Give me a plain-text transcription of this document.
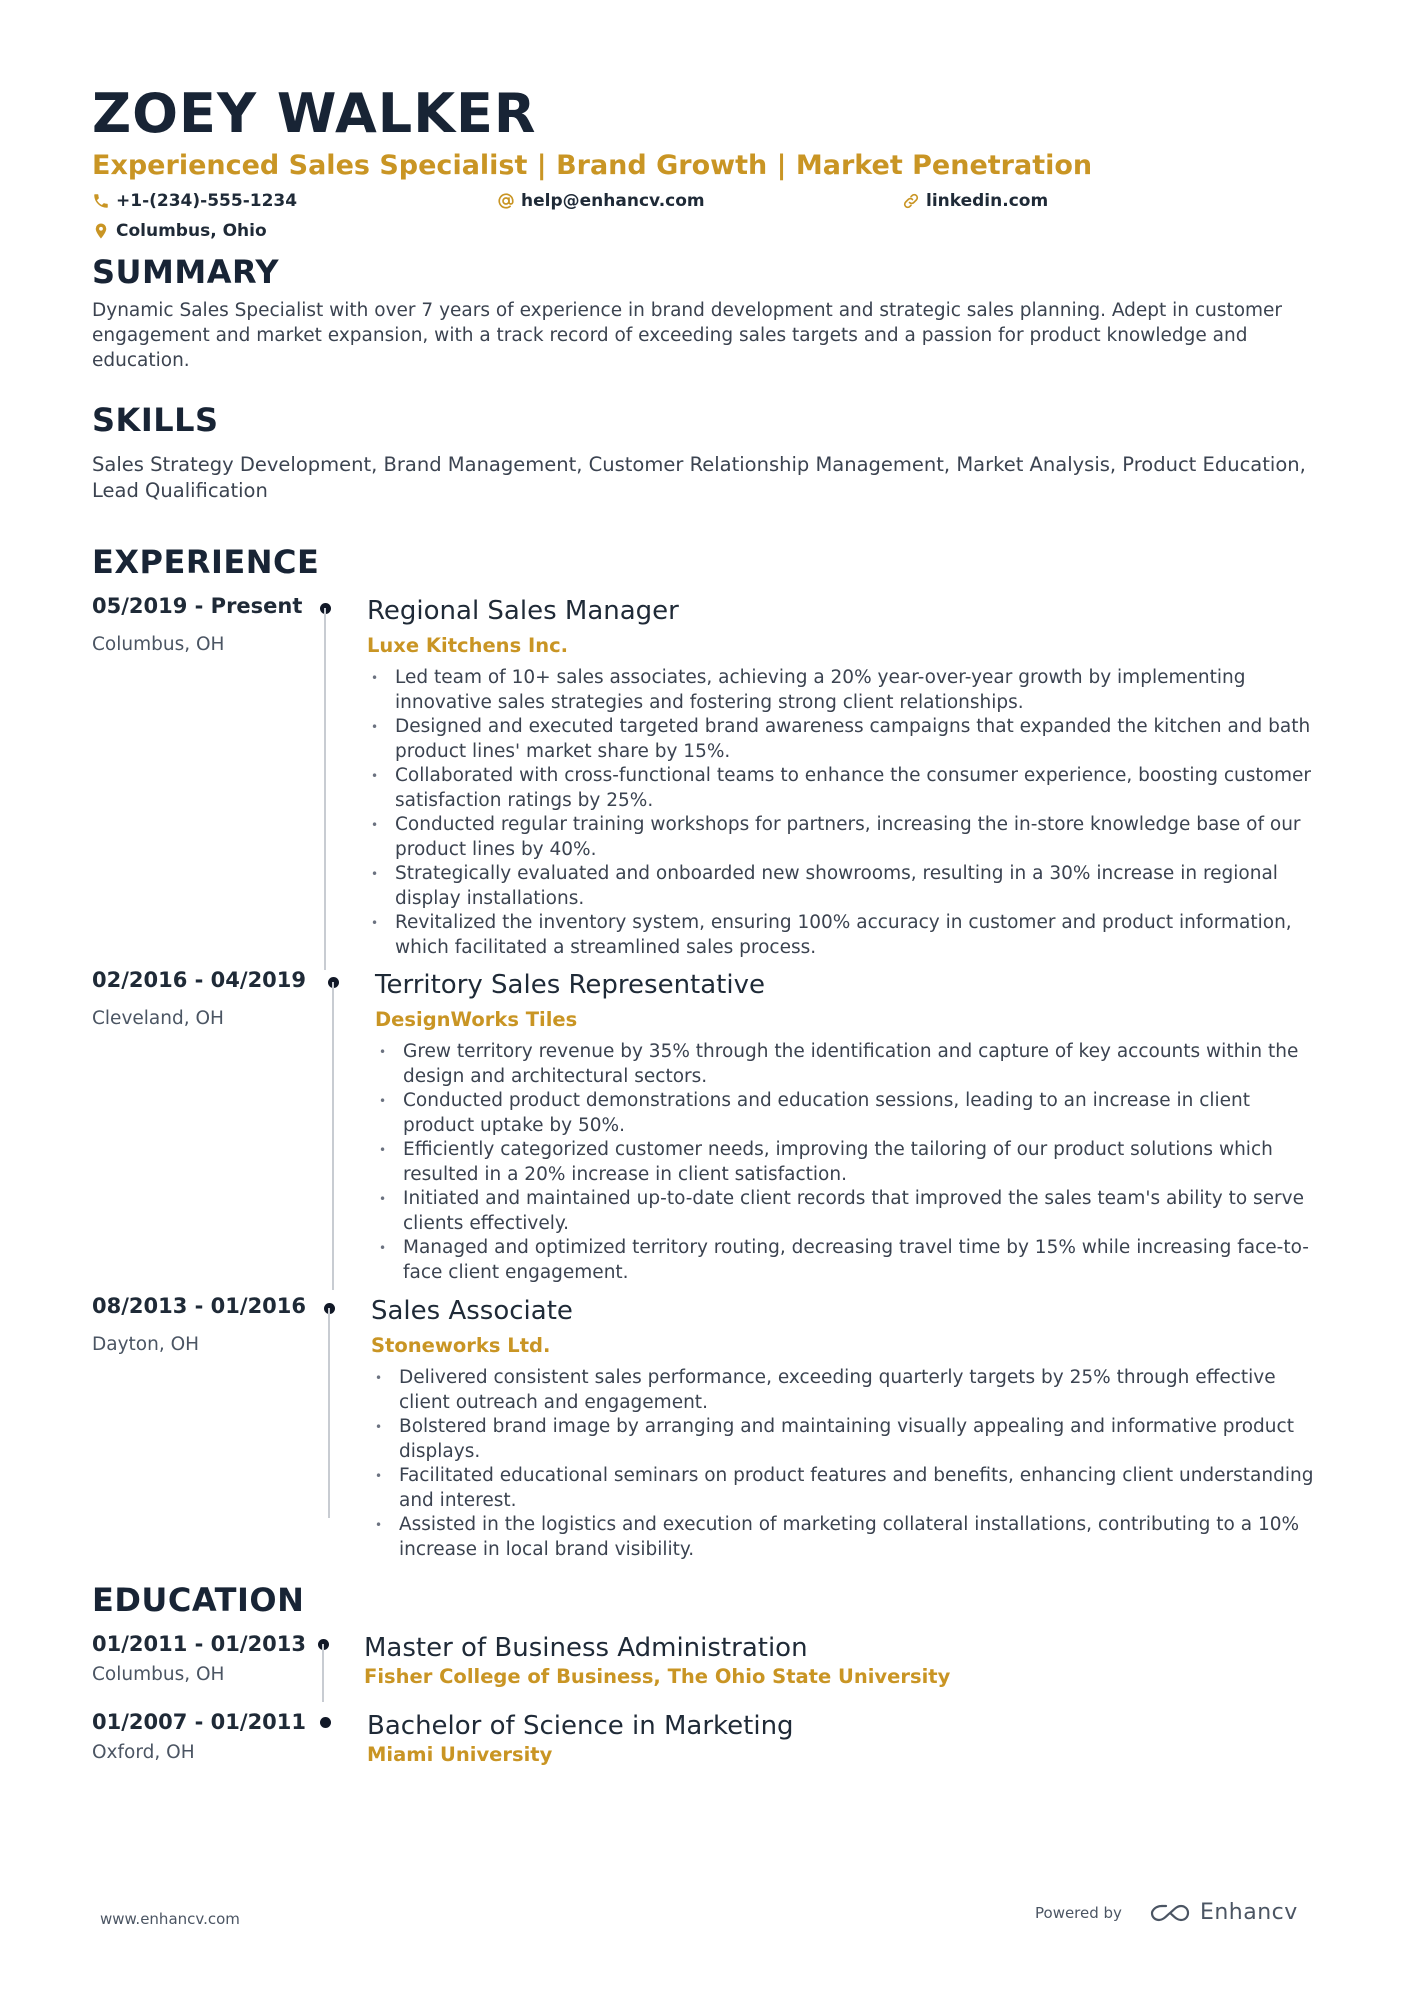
ZOEY WALKER
Experienced Sales Specialist | Brand Growth | Market Penetration
+1-(234)-555-1234	help@enhancv.com	linkedin.com
Columbus, Ohio
SUMMARY
Dynamic Sales Specialist with over 7 years of experience in brand development and strategic sales planning. Adept in customer engagement and market expansion, with a track record of exceeding sales targets and a passion for product knowledge and education.
SKILLS
Sales Strategy Development, Brand Management, Customer Relationship Management, Market Analysis, Product Education, Lead Qualification
EXPERIENCE
05/2019 - Present
Columbus, OH
Regional Sales Manager
Luxe Kitchens Inc.
• Led team of 10+ sales associates, achieving a 20% year-over-year growth by implementing innovative sales strategies and fostering strong client relationships.
• Designed and executed targeted brand awareness campaigns that expanded the kitchen and bath product lines' market share by 15%.
• Collaborated with cross-functional teams to enhance the consumer experience, boosting customer satisfaction ratings by 25%.
• Conducted regular training workshops for partners, increasing the in-store knowledge base of our product lines by 40%.
• Strategically evaluated and onboarded new showrooms, resulting in a 30% increase in regional display installations.
• Revitalized the inventory system, ensuring 100% accuracy in customer and product information, which facilitated a streamlined sales process.
02/2016 - 04/2019
Cleveland, OH
Territory Sales Representative
DesignWorks Tiles
• Grew territory revenue by 35% through the identification and capture of key accounts within the design and architectural sectors.
• Conducted product demonstrations and education sessions, leading to an increase in client product uptake by 50%.
• Efficiently categorized customer needs, improving the tailoring of our product solutions which resulted in a 20% increase in client satisfaction.
• Initiated and maintained up-to-date client records that improved the sales team's ability to serve clients effectively.
• Managed and optimized territory routing, decreasing travel time by 15% while increasing face-to-face client engagement.
08/2013 - 01/2016
Dayton, OH
Sales Associate
Stoneworks Ltd.
• Delivered consistent sales performance, exceeding quarterly targets by 25% through effective client outreach and engagement.
• Bolstered brand image by arranging and maintaining visually appealing and informative product displays.
• Facilitated educational seminars on product features and benefits, enhancing client understanding and interest.
• Assisted in the logistics and execution of marketing collateral installations, contributing to a 10% increase in local brand visibility.
EDUCATION
01/2011 - 01/2013
Columbus, OH
Master of Business Administration
Fisher College of Business, The Ohio State University
01/2007 - 01/2011
Oxford, OH
Bachelor of Science in Marketing
Miami University
www.enhancv.com	Powered by	Enhancv
